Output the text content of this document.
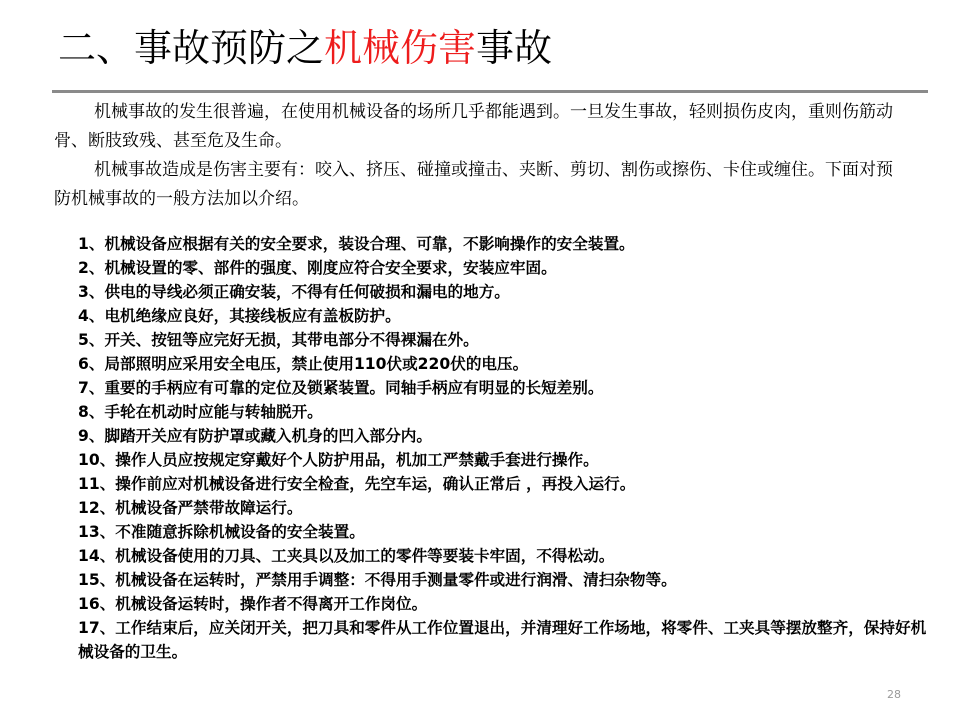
二、事故预防之机械伤害事故

机械事故的发生很普遍，在使用机械设备的场所几乎都能遇到。一旦发生事故，轻则损伤皮肉，重则伤筋动骨、断肢致残、甚至危及生命。

机械事故造成是伤害主要有：咬入、挤压、碰撞或撞击、夹断、剪切、割伤或擦伤、卡住或缠住。下面对预防机械事故的一般方法加以介绍。

1、机械设备应根据有关的安全要求，装设合理、可靠，不影响操作的安全装置。
2、机械设置的零、部件的强度、刚度应符合安全要求，安装应牢固。
3、供电的导线必须正确安装，不得有任何破损和漏电的地方。
4、电机绝缘应良好，其接线板应有盖板防护。
5、开关、按钮等应完好无损，其带电部分不得裸漏在外。
6、局部照明应采用安全电压，禁止使用110伏或220伏的电压。
7、重要的手柄应有可靠的定位及锁紧装置。同轴手柄应有明显的长短差别。
8、手轮在机动时应能与转轴脱开。
9、脚踏开关应有防护罩或藏入机身的凹入部分内。
10、操作人员应按规定穿戴好个人防护用品，机加工严禁戴手套进行操作。
11、操作前应对机械设备进行安全检查，先空车运，确认正常后 ，再投入运行。
12、机械设备严禁带故障运行。
13、不准随意拆除机械设备的安全装置。
14、机械设备使用的刀具、工夹具以及加工的零件等要装卡牢固，不得松动。
15、机械设备在运转时，严禁用手调整：不得用手测量零件或进行润滑、清扫杂物等。
16、机械设备运转时，操作者不得离开工作岗位。
17、工作结束后，应关闭开关，把刀具和零件从工作位置退出，并清理好工作场地，将零件、工夹具等摆放整齐，保持好机械设备的卫生。
28
